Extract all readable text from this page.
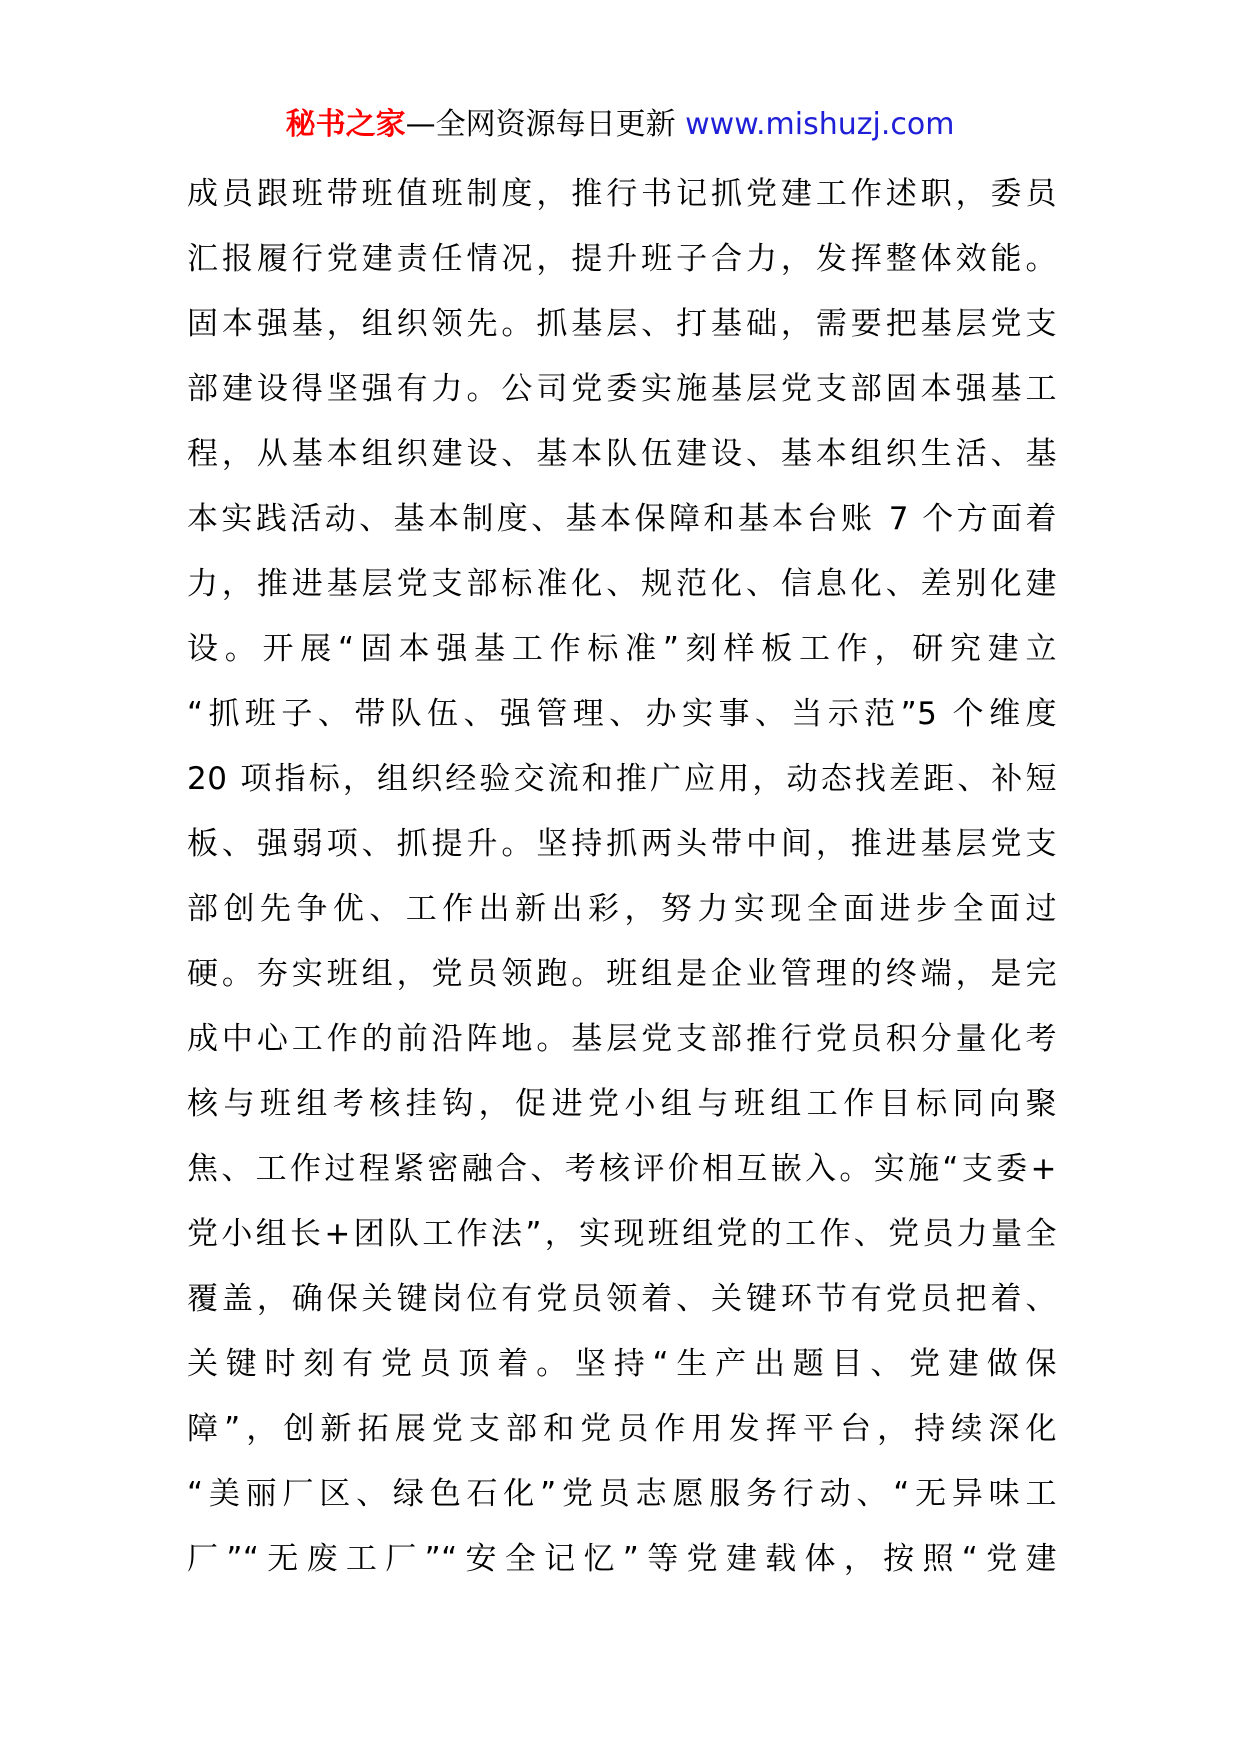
秘书之家—全网资源每日更新 www.mishuzj.com
成员跟班带班值班制度，推行书记抓党建工作述职，委员
汇报履行党建责任情况，提升班子合力，发挥整体效能。
固本强基，组织领先。抓基层、打基础，需要把基层党支
部建设得坚强有力。公司党委实施基层党支部固本强基工
程，从基本组织建设、基本队伍建设、基本组织生活、基
本实践活动、基本制度、基本保障和基本台账 7 个方面着
力，推进基层党支部标准化、规范化、信息化、差别化建
设。开展“固本强基工作标准”刻样板工作，研究建立
“抓班子、带队伍、强管理、办实事、当示范”5 个维度
20 项指标，组织经验交流和推广应用，动态找差距、补短
板、强弱项、抓提升。坚持抓两头带中间，推进基层党支
部创先争优、工作出新出彩，努力实现全面进步全面过
硬。夯实班组，党员领跑。班组是企业管理的终端，是完
成中心工作的前沿阵地。基层党支部推行党员积分量化考
核与班组考核挂钩，促进党小组与班组工作目标同向聚
焦、工作过程紧密融合、考核评价相互嵌入。实施“支委+
党小组长+团队工作法”，实现班组党的工作、党员力量全
覆盖，确保关键岗位有党员领着、关键环节有党员把着、
关键时刻有党员顶着。坚持“生产出题目、党建做保
障”，创新拓展党支部和党员作用发挥平台，持续深化
“美丽厂区、绿色石化”党员志愿服务行动、“无异味工
厂”“无废工厂”“安全记忆”等党建载体，按照“党建
